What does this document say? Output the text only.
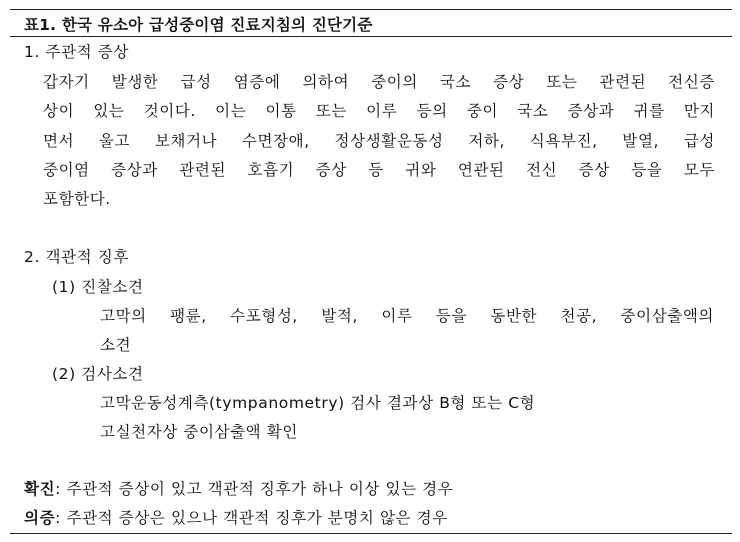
표1. 한국 유소아 급성중이염 진료지침의 진단기준
1. 주관적 증상
갑자기 발생한 급성 염증에 의하여 중이의 국소 증상 또는 관련된 전신증
상이 있는 것이다. 이는 이통 또는 이루 등의 중이 국소 증상과 귀를 만지
면서 울고 보채거나 수면장애, 정상생활운동성 저하, 식욕부진, 발열, 급성
중이염 증상과 관련된 호흡기 증상 등 귀와 연관된 전신 증상 등을 모두
포함한다.
2. 객관적 징후
(1) 진찰소견
고막의 팽륜, 수포형성, 발적, 이루 등을 동반한 천공, 중이삼출액의
소견
(2) 검사소견
고막운동성계측(tympanometry) 검사 결과상 B형 또는 C형
고실천자상 중이삼출액 확인
확진: 주관적 증상이 있고 객관적 징후가 하나 이상 있는 경우
의증: 주관적 증상은 있으나 객관적 징후가 분명치 않은 경우
